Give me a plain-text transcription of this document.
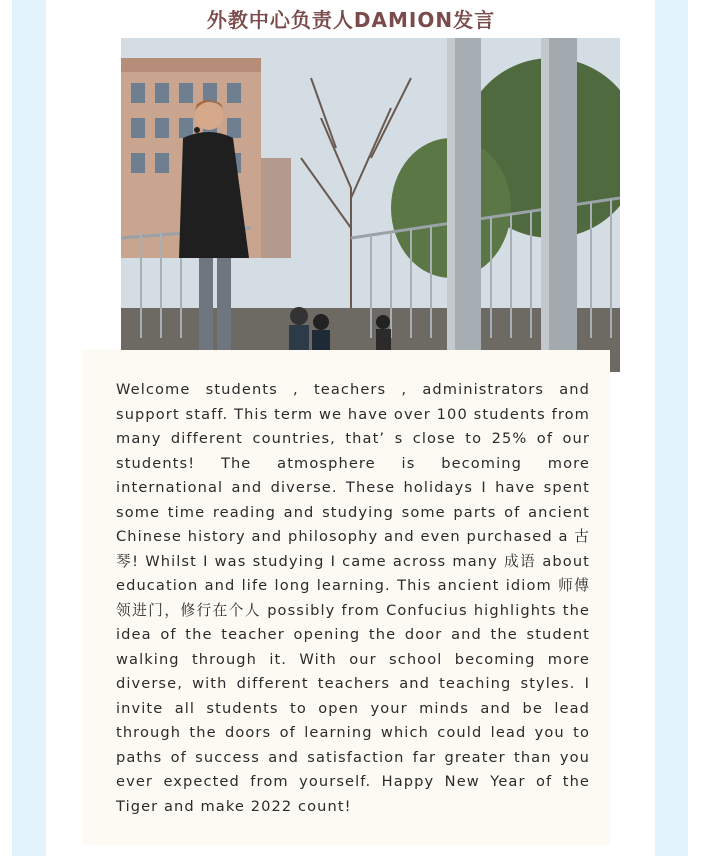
外教中心负责人DAMION发言

Welcome students , teachers , administrators and support staff. This term we have over 100 students from many different countries, that’ s close to 25% of our students! The atmosphere is becoming more international and diverse. These holidays I have spent some time reading and studying some parts of ancient Chinese history and philosophy and even purchased a 古琴! Whilst I was studying I came across many 成语 about education and life long learning. This ancient idiom 师傅领进门，修行在个人 possibly from Confucius highlights the idea of the teacher opening the door and the student walking through it. With our school becoming more diverse, with different teachers and teaching styles. I invite all students to open your minds and be lead through the doors of learning which could lead you to paths of success and satisfaction far greater than you ever expected from yourself. Happy New Year of the Tiger and make 2022 count!
